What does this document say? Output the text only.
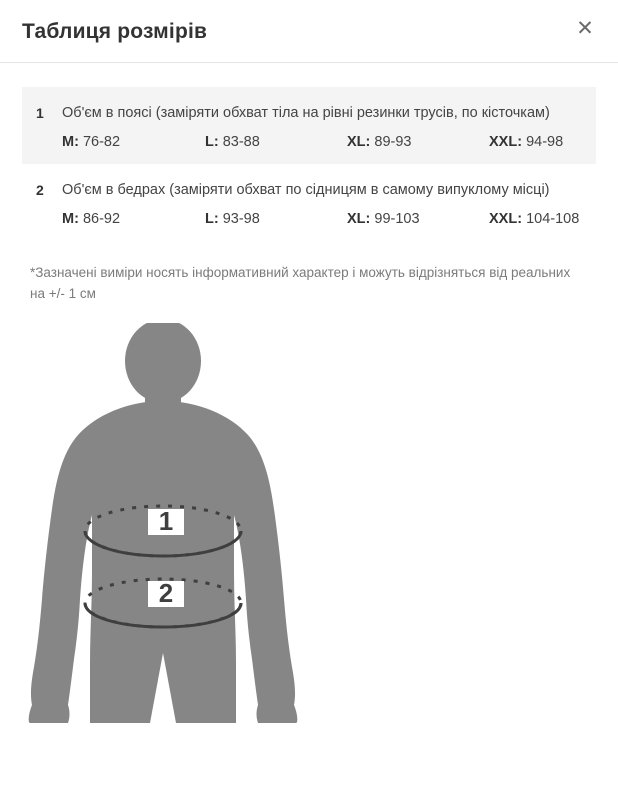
Таблиця розмірів	✕
1	Об'єм в поясі (заміряти обхват тіла на рівні резинки трусів, по кісточкам)

M: 76-82	L: 83-88	XL: 89-93	XXL: 94-98
2	Об'єм в бедрах (заміряти обхват по сідницям в самому випуклому місці)

M: 86-92	L: 93-98	XL: 99-103	XXL: 104-108

*Зазначені виміри носять інформативний характер і можуть відрізняться від реальних на +/- 1 см

1
2
